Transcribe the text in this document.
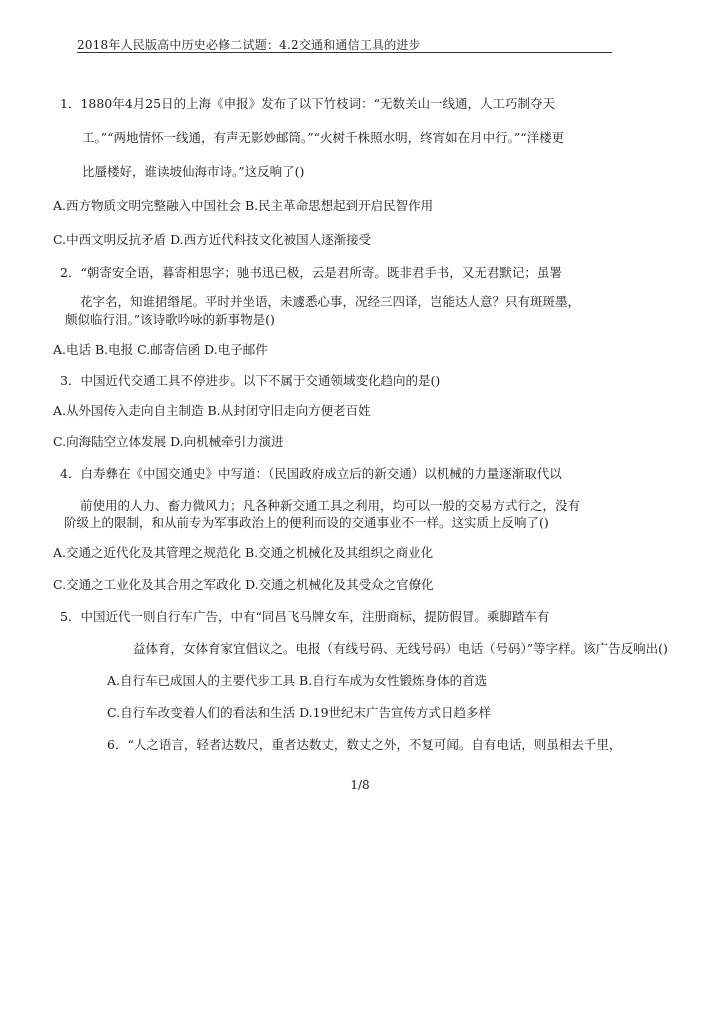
2018年人民版高中历史必修二试题：4.2交通和通信工具的进步
1．1880年4月25日的上海《申报》发布了以下竹枝词：“无数关山一线通，人工巧制夺天
工。”“两地情怀一线通，有声无影妙邮筒。”“火树千株照水明，终宵如在月中行。”“洋楼更
比蜃楼好，谁读坡仙海市诗。”这反响了()
A.西方物质文明完整融入中国社会 B.民主革命思想起到开启民智作用
C.中西文明反抗矛盾 D.西方近代科技文化被国人逐渐接受
2．“朝寄安全语，暮寄相思字；驰书迅已极，云是君所寄。既非君手书，又无君默记；虽署
花字名，知谁捃缗尾。平时并坐语，未遽悉心事，况经三四译，岂能达人意？只有斑斑墨，
颇似临行泪。”该诗歌吟咏的新事物是()
A.电话 B.电报 C.邮寄信函 D.电子邮件
3．中国近代交通工具不停进步。以下不属于交通领域变化趋向的是()
A.从外国传入走向自主制造 B.从封闭守旧走向方便老百姓
C.向海陆空立体发展 D.向机械牵引力演进
4．白寿彝在《中国交通史》中写道：（民国政府成立后的新交通）以机械的力量逐渐取代以
前使用的人力、畜力微风力；凡各种新交通工具之利用，均可以一般的交易方式行之，没有
阶级上的限制，和从前专为军事政治上的便利而设的交通事业不一样。这实质上反响了()
A.交通之近代化及其管理之规范化 B.交通之机械化及其组织之商业化
C.交通之工业化及其合用之军政化 D.交通之机械化及其受众之官僚化
5．中国近代一则自行车广告，中有“同昌飞马牌女车，注册商标，提防假冒。乘脚踏车有
益体育，女体育家宜倡议之。电报（有线号码、无线号码）电话（号码）”等字样。该广告反响出()
A.自行车已成国人的主要代步工具 B.自行车成为女性锻炼身体的首选
C.自行车改变着人们的看法和生活 D.19世纪末广告宣传方式日趋多样
6．“人之语言，轻者达数尺，重者达数丈，数丈之外，不复可闻。自有电话，则虽相去千里，
1/8
